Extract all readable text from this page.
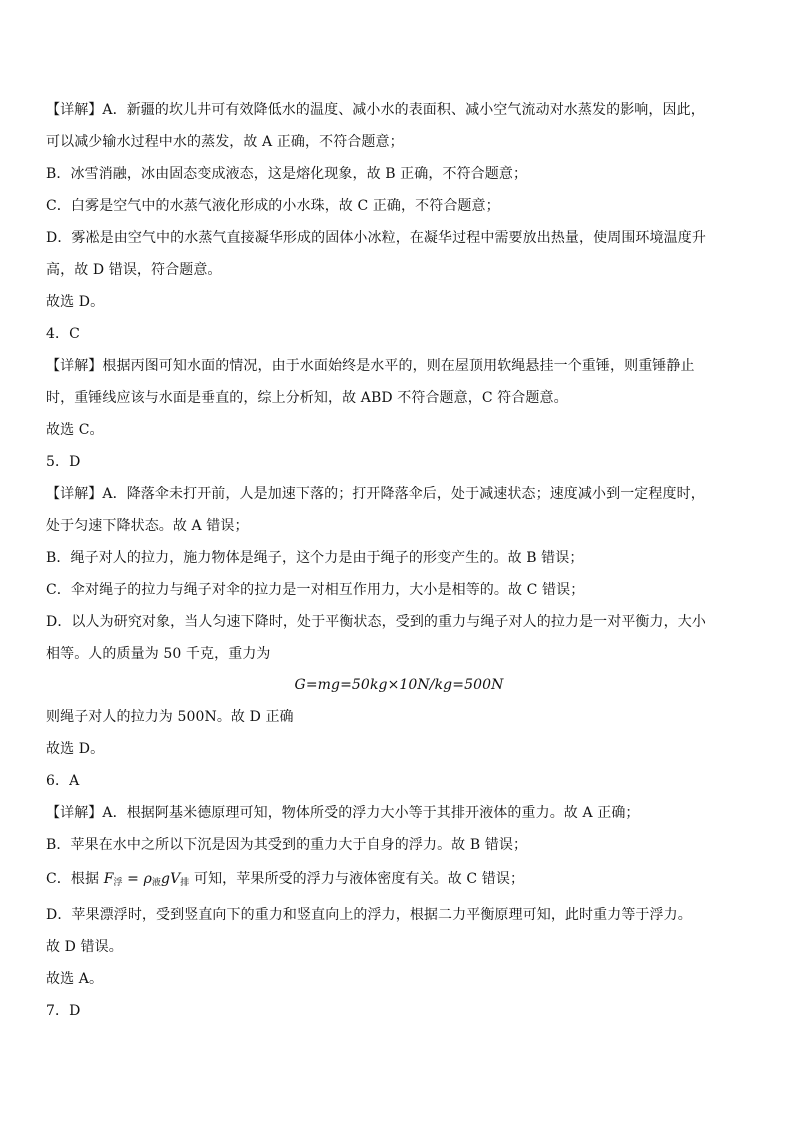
【详解】A．新疆的坎儿井可有效降低水的温度、减小水的表面积、减小空气流动对水蒸发的影响，因此，
可以减少输水过程中水的蒸发，故 A 正确，不符合题意；
B．冰雪消融，冰由固态变成液态，这是熔化现象，故 B 正确，不符合题意；
C．白雾是空气中的水蒸气液化形成的小水珠，故 C 正确，不符合题意；
D．雾凇是由空气中的水蒸气直接凝华形成的固体小冰粒，在凝华过程中需要放出热量，使周围环境温度升
高，故 D 错误，符合题意。
故选 D。
4．C
【详解】根据丙图可知水面的情况，由于水面始终是水平的，则在屋顶用软绳悬挂一个重锤，则重锤静止
时，重锤线应该与水面是垂直的，综上分析知，故 ABD 不符合题意，C 符合题意。
故选 C。
5．D
【详解】A．降落伞未打开前，人是加速下落的；打开降落伞后，处于减速状态；速度减小到一定程度时，
处于匀速下降状态。故 A 错误；
B．绳子对人的拉力，施力物体是绳子，这个力是由于绳子的形变产生的。故 B 错误；
C．伞对绳子的拉力与绳子对伞的拉力是一对相互作用力，大小是相等的。故 C 错误；
D．以人为研究对象，当人匀速下降时，处于平衡状态，受到的重力与绳子对人的拉力是一对平衡力，大小
相等。人的质量为 50 千克，重力为
G=mg=50kg×10N/kg=500N
则绳子对人的拉力为 500N。故 D 正确
故选 D。
6．A
【详解】A．根据阿基米德原理可知，物体所受的浮力大小等于其排开液体的重力。故 A 正确；
B．苹果在水中之所以下沉是因为其受到的重力大于自身的浮力。故 B 错误；
C．根据 $F_浮 = \rho_液gV_排$ 可知，苹果所受的浮力与液体密度有关。故 C 错误；
D．苹果漂浮时，受到竖直向下的重力和竖直向上的浮力，根据二力平衡原理可知，此时重力等于浮力。
故 D 错误。
故选 A。
7．D
